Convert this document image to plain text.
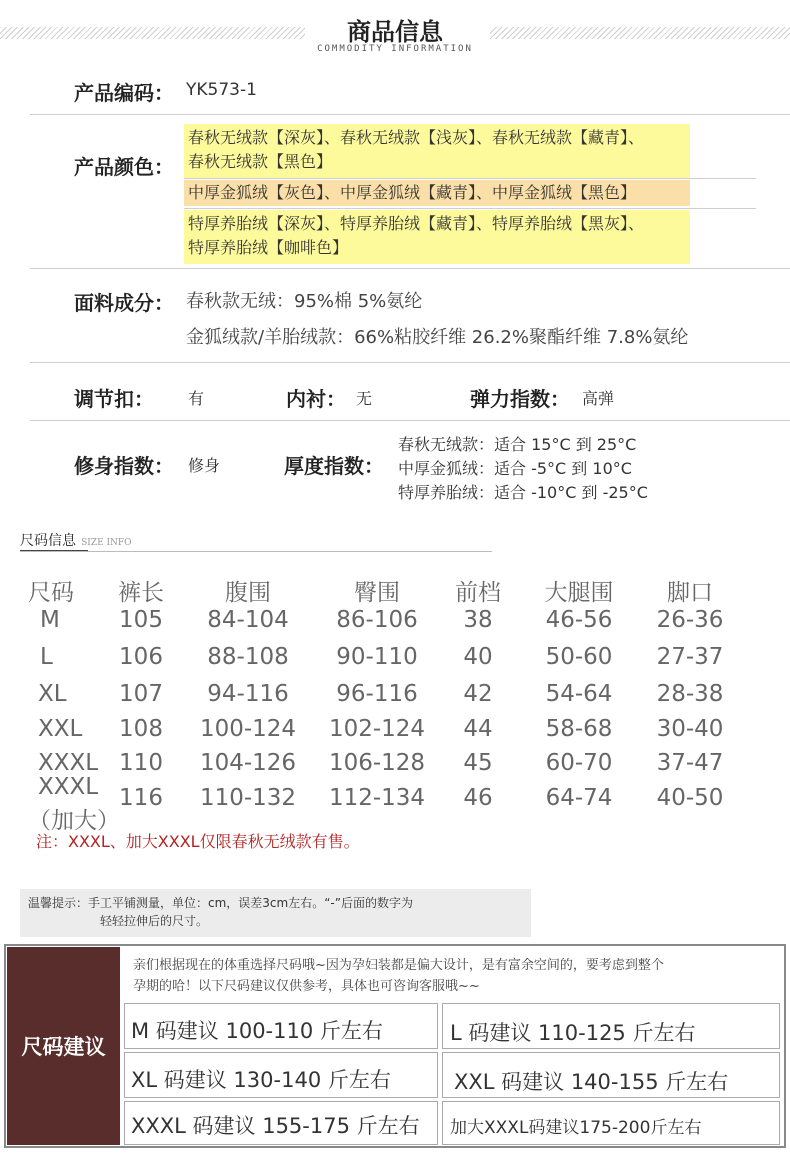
商品信息
COMMODITY INFORMATION
产品编码： YK573-1
产品颜色：
春秋无绒款【深灰】、春秋无绒款【浅灰】、春秋无绒款【藏青】、
春秋无绒款【黑色】
中厚金狐绒【灰色】、中厚金狐绒【藏青】、中厚金狐绒【黑色】
特厚养胎绒【深灰】、特厚养胎绒【藏青】、特厚养胎绒【黑灰】、
特厚养胎绒【咖啡色】
面料成分： 春秋款无绒：95%棉 5%氨纶
金狐绒款/羊胎绒款：66%粘胶纤维 26.2%聚酯纤维 7.8%氨纶
调节扣： 有	内衬： 无	弹力指数： 高弹
修身指数： 修身	厚度指数：
春秋无绒款：适合 15°C 到 25°C
中厚金狐绒：适合 -5°C 到 10°C
特厚养胎绒：适合 -10°C 到 -25°C
尺码信息 SIZE INFO
尺码 裤长	腹围	臀围 前档 大腿围 脚口
M	105 84-104 86-106 38 46-56 26-36
L	106 88-108 90-110 40 50-60 27-37
XL 107 94-116 96-116 42 54-64 28-38
XXL 108 100-124 102-124 44 58-68 30-40
XXXL 110 104-126 106-128 45 60-70 37-47
XXXL 116 110-132 112-134 46 64-74 40-50
（加大）
注：XXXL、加大XXXL仅限春秋无绒款有售。
温馨提示：手工平铺测量，单位：cm，误差3cm左右。“-”后面的数字为
轻轻拉伸后的尺寸。
尺码建议
亲们根据现在的体重选择尺码哦~因为孕妇装都是偏大设计，是有富余空间的，要考虑到整个
孕期的哈！以下尺码建议仅供参考，具体也可咨询客服哦~~
M 码建议 100-110 斤左右	L 码建议 110-125 斤左右
XL 码建议 130-140 斤左右	XXL 码建议 140-155 斤左右
XXXL 码建议 155-175 斤左右 加大XXXL码建议175-200斤左右
